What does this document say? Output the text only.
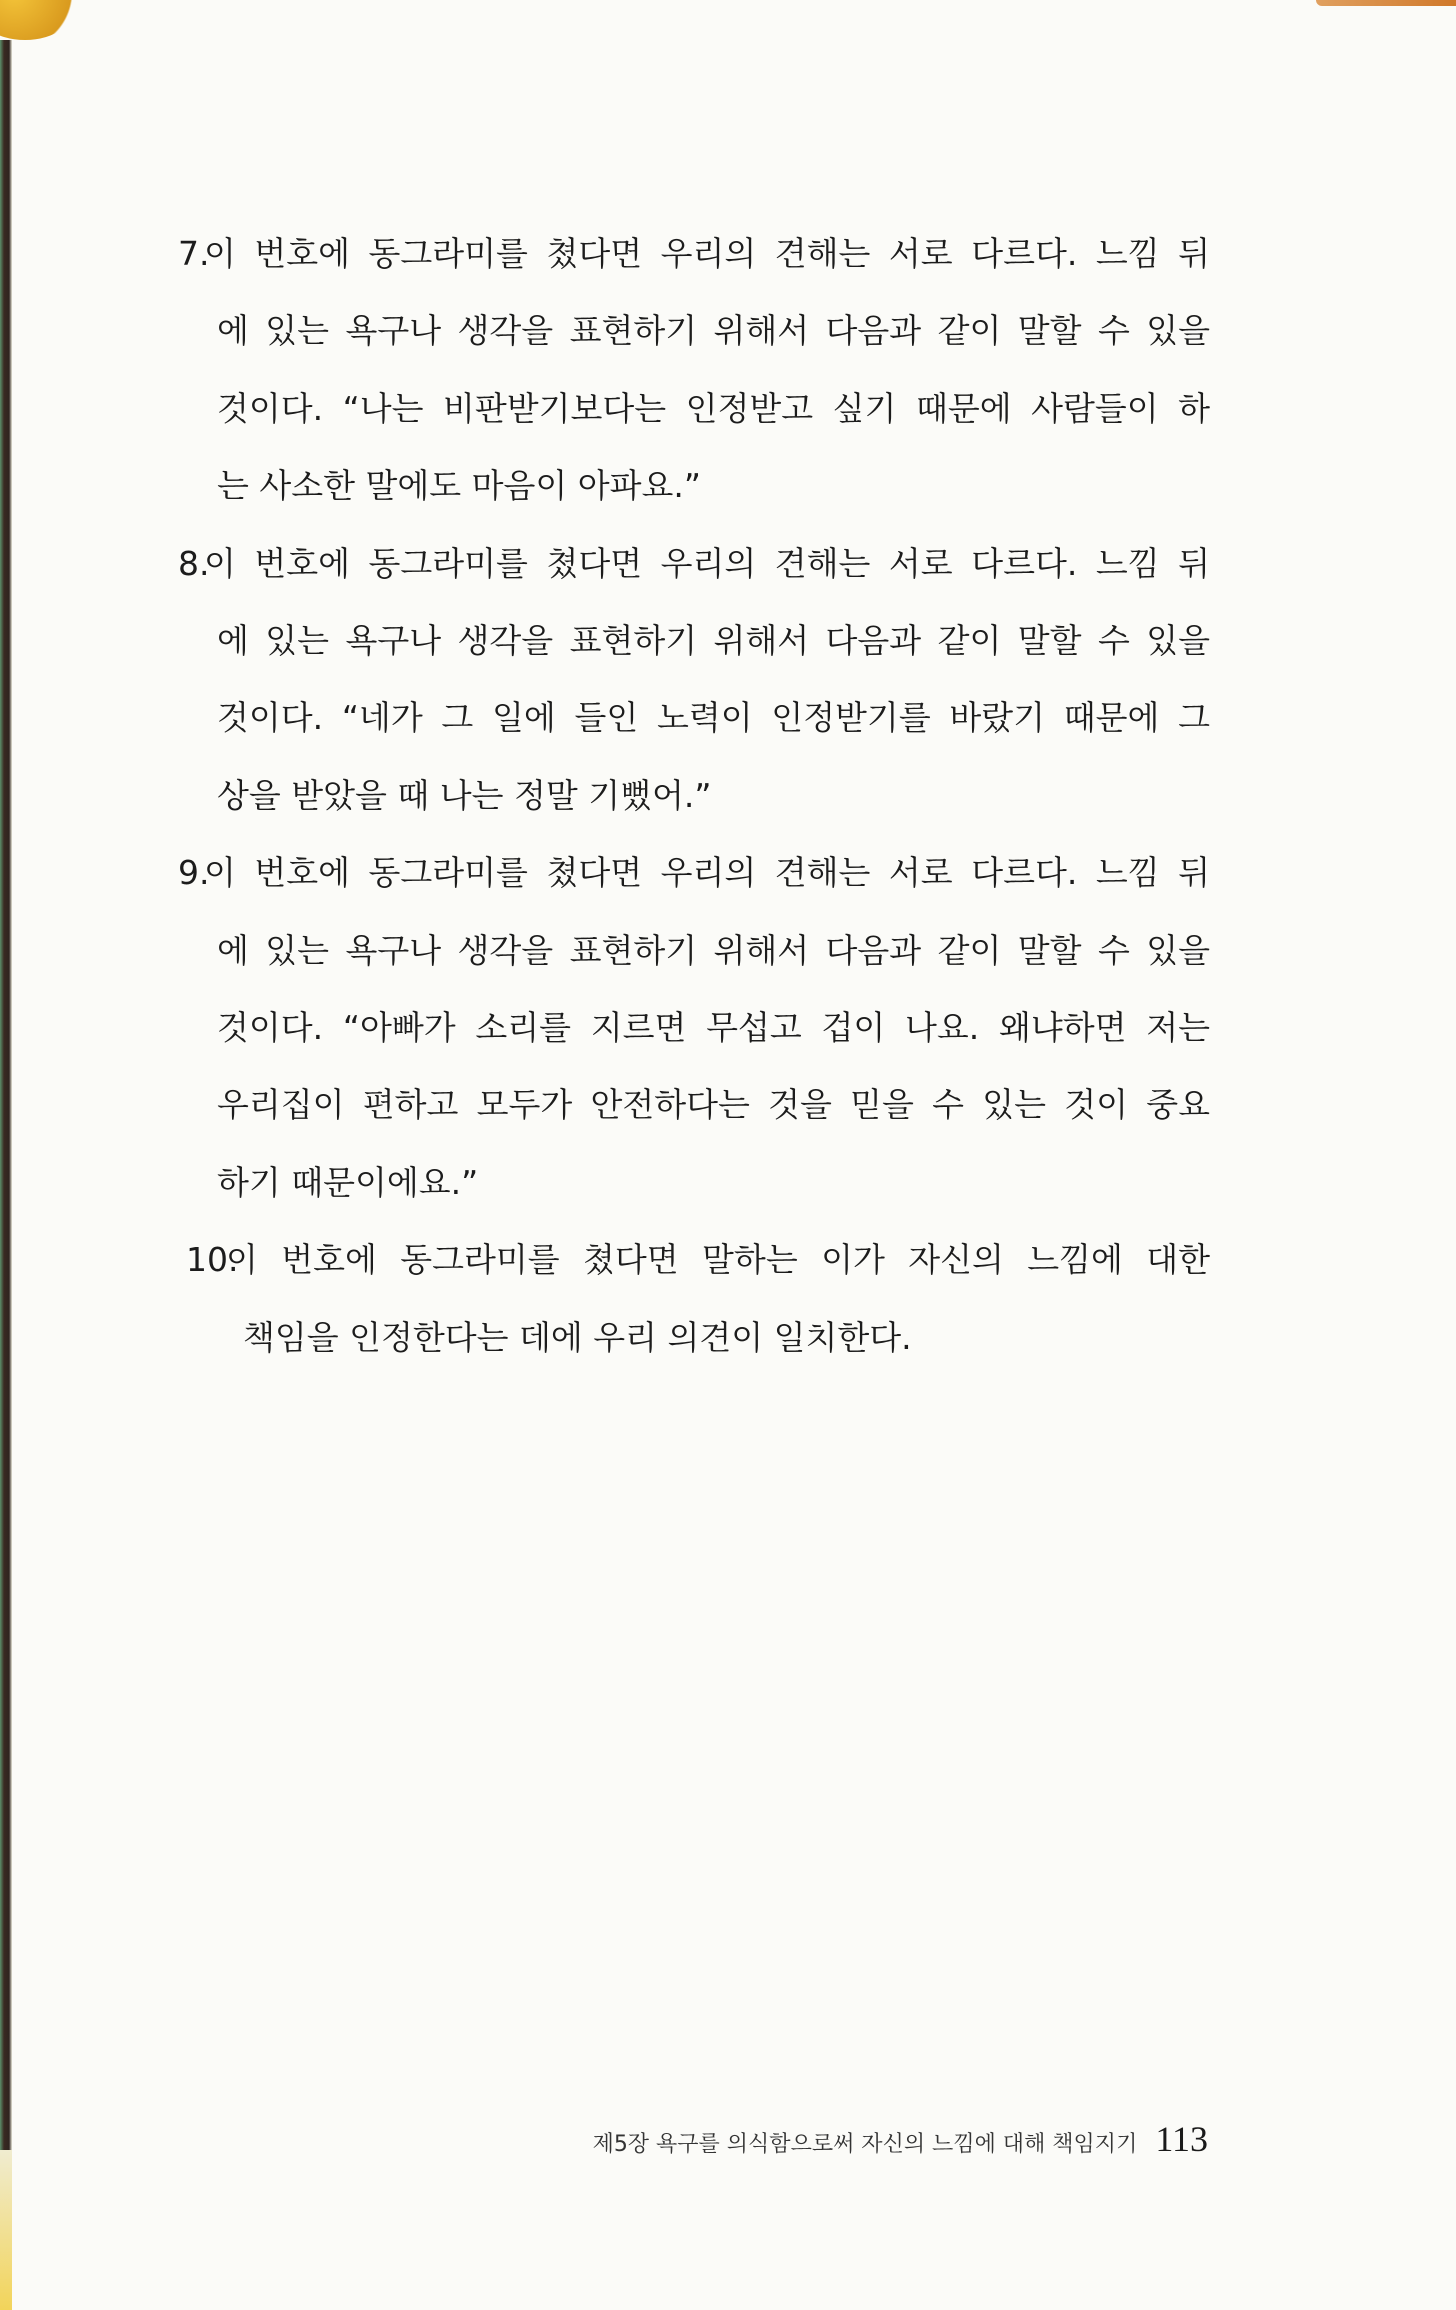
7.
이 번호에 동그라미를 쳤다면 우리의 견해는 서로 다르다. 느낌 뒤
에 있는 욕구나 생각을 표현하기 위해서 다음과 같이 말할 수 있을
것이다. “나는 비판받기보다는 인정받고 싶기 때문에 사람들이 하
는 사소한 말에도 마음이 아파요.”
8.
이 번호에 동그라미를 쳤다면 우리의 견해는 서로 다르다. 느낌 뒤
에 있는 욕구나 생각을 표현하기 위해서 다음과 같이 말할 수 있을
것이다. “네가 그 일에 들인 노력이 인정받기를 바랐기 때문에 그
상을 받았을 때 나는 정말 기뻤어.”
9.
이 번호에 동그라미를 쳤다면 우리의 견해는 서로 다르다. 느낌 뒤
에 있는 욕구나 생각을 표현하기 위해서 다음과 같이 말할 수 있을
것이다. “아빠가 소리를 지르면 무섭고 겁이 나요. 왜냐하면 저는
우리집이 편하고 모두가 안전하다는 것을 믿을 수 있는 것이 중요
하기 때문이에요.”
10.
이 번호에 동그라미를 쳤다면 말하는 이가 자신의 느낌에 대한
책임을 인정한다는 데에 우리 의견이 일치한다.
제5장 욕구를 의식함으로써 자신의 느낌에 대해 책임지기 113
